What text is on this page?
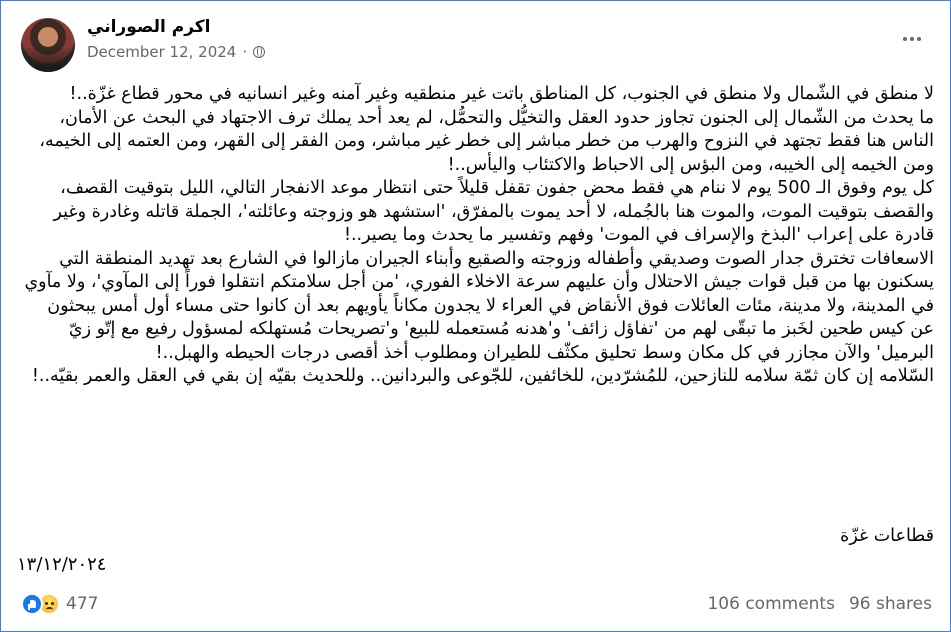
اكرم الصوراني
December 12, 2024 ·
لا منطق في الشّمال ولا منطق في الجنوب، كل المناطق باتت غير منطقيه وغير آمنه وغير انسانيه في محور قطاع غزّة..!
ما يحدث من الشّمال إلى الجنون تجاوز حدود العقل والتخيُّل والتحمُّل، لم يعد أحد يملك ترف الاجتهاد في البحث عن الأمان، الناس هنا فقط تجتهد في النزوح والهرب من خطر مباشر إلى خطر غير مباشر، ومن الفقر إلى القهر، ومن العتمه إلى الخيمه، ومن الخيمه إلى الخيبه، ومن البؤس إلى الاحباط والاكتئاب واليأس..!
كل يوم وفوق الـ 500 يوم لا ننام هي فقط محض جفون تقفل قليلاً حتى انتظار موعد الانفجار التالي، الليل بتوقيت القصف، والقصف بتوقيت الموت، والموت هنا بالجُمله، لا أحد يموت بالمفرّق، 'استشهد هو وزوجته وعائلته'، الجملة قاتله وغادرة وغير قادرة على إعراب 'البذخ والإسراف في الموت' وفهم وتفسير ما يحدث وما يصير..!
الاسعافات تخترق جدار الصوت وصديقي وأطفاله وزوجته والصقيع وأبناء الجيران مازالوا في الشارع بعد تهديد المنطقة التي يسكنون بها من قبل قوات جيش الاحتلال وأن عليهم سرعة الاخلاء الفوري، 'من أجل سلامتكم انتقلوا فوراً إلى المآوي'، ولا مآوي في المدينة، ولا مدينة، مئات العائلات فوق الأنقاض في العراء لا يجدون مكاناً يأويهم بعد أن كانوا حتى مساء أول أمس يبحثون عن كيس طحين لخَبز ما تبقّى لهم من 'تفاؤل زائف' و'هدنه مُستعمله للبيع' و'تصريحات مُستهلكه لمسؤول رفيع مع إتّو زيّ البرميل' والآن مجازر في كل مكان وسط تحليق مكثّف للطيران ومطلوب أخذ أقصى درجات الحيطه والهبل..!
السّلامه إن كان ثمّة سلامه للنازحين، للمُشرّدين، للخائفين، للجّوعى والبردانين.. وللحديث بقيّه إن بقي في العقل والعمر بقيّه..!
قطاعات غزّة
١٣/١٢/٢٠٢٤
477	106 comments 96 shares
